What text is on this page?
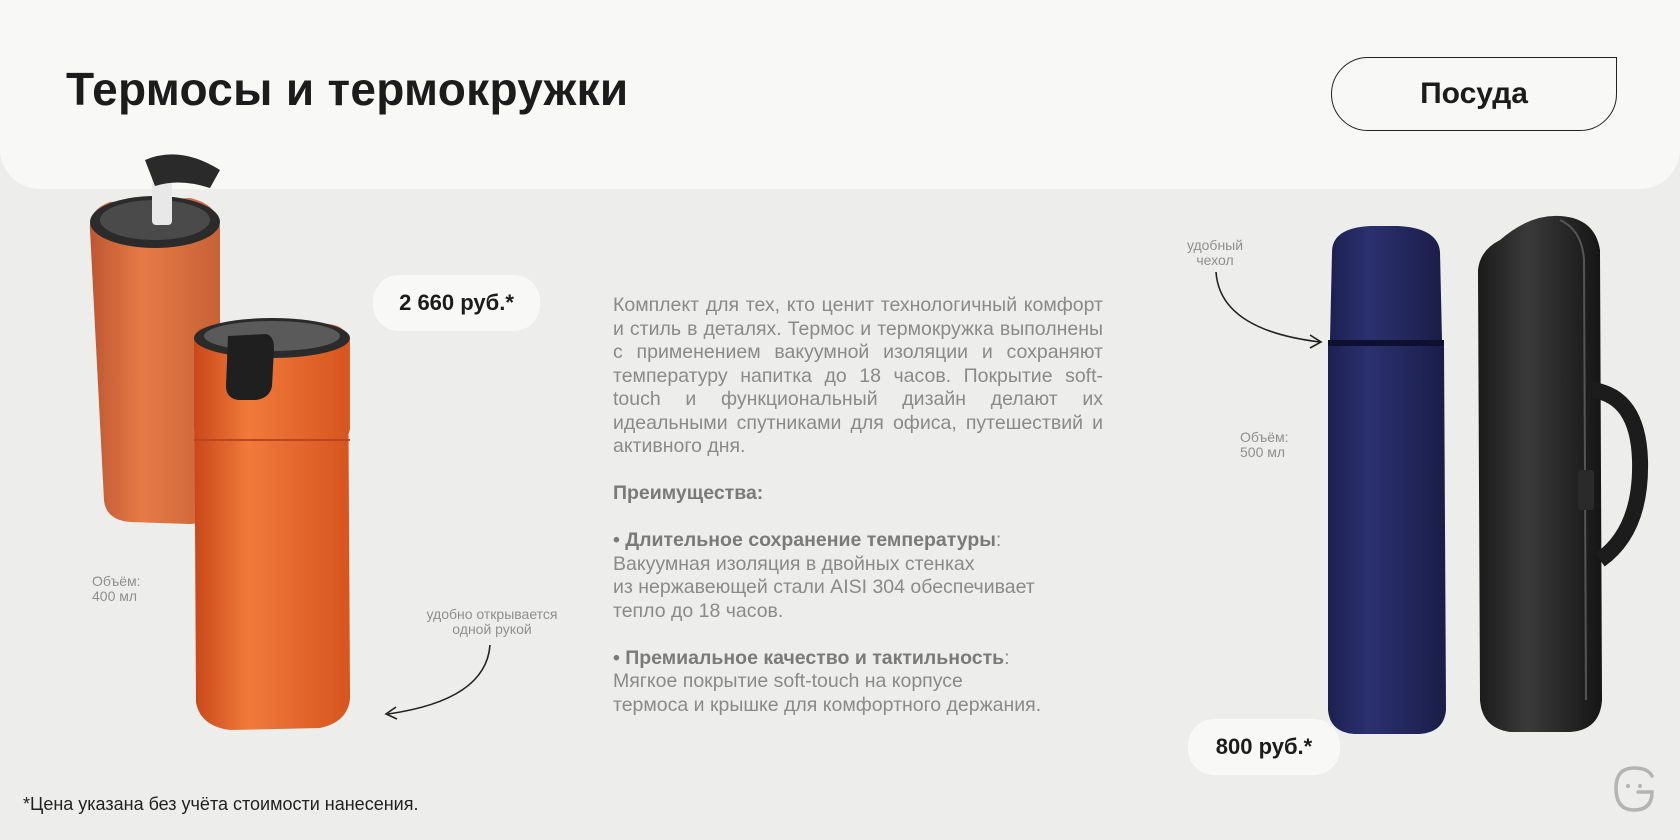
Термосы и термокружки	Посуда
2 660 руб.*
Объём:
400 мл
удобно открывается
одной рукой

Комплект для тех, кто ценит технологичный комфорт и стиль в деталях. Термос и термокружка выполнены с применением вакуумной изоляции и сохраняют температуру напитка до 18 часов. Покрытие soft-touch и функциональный дизайн делают их идеальными спутниками для офиса, путешествий и активного дня.

Преимущества:

• Длительное сохранение температуры:

Вакуумная изоляция в двойных стенках

из нержавеющей стали AISI 304 обеспечивает

тепло до 18 часов.

• Премиальное качество и тактильность:

Мягкое покрытие soft-touch на корпусе

термоса и крышке для комфортного держания.

удобный
чехол
Объём:
500 мл
800 руб.*
*Цена указана без учёта стоимости нанесения.
